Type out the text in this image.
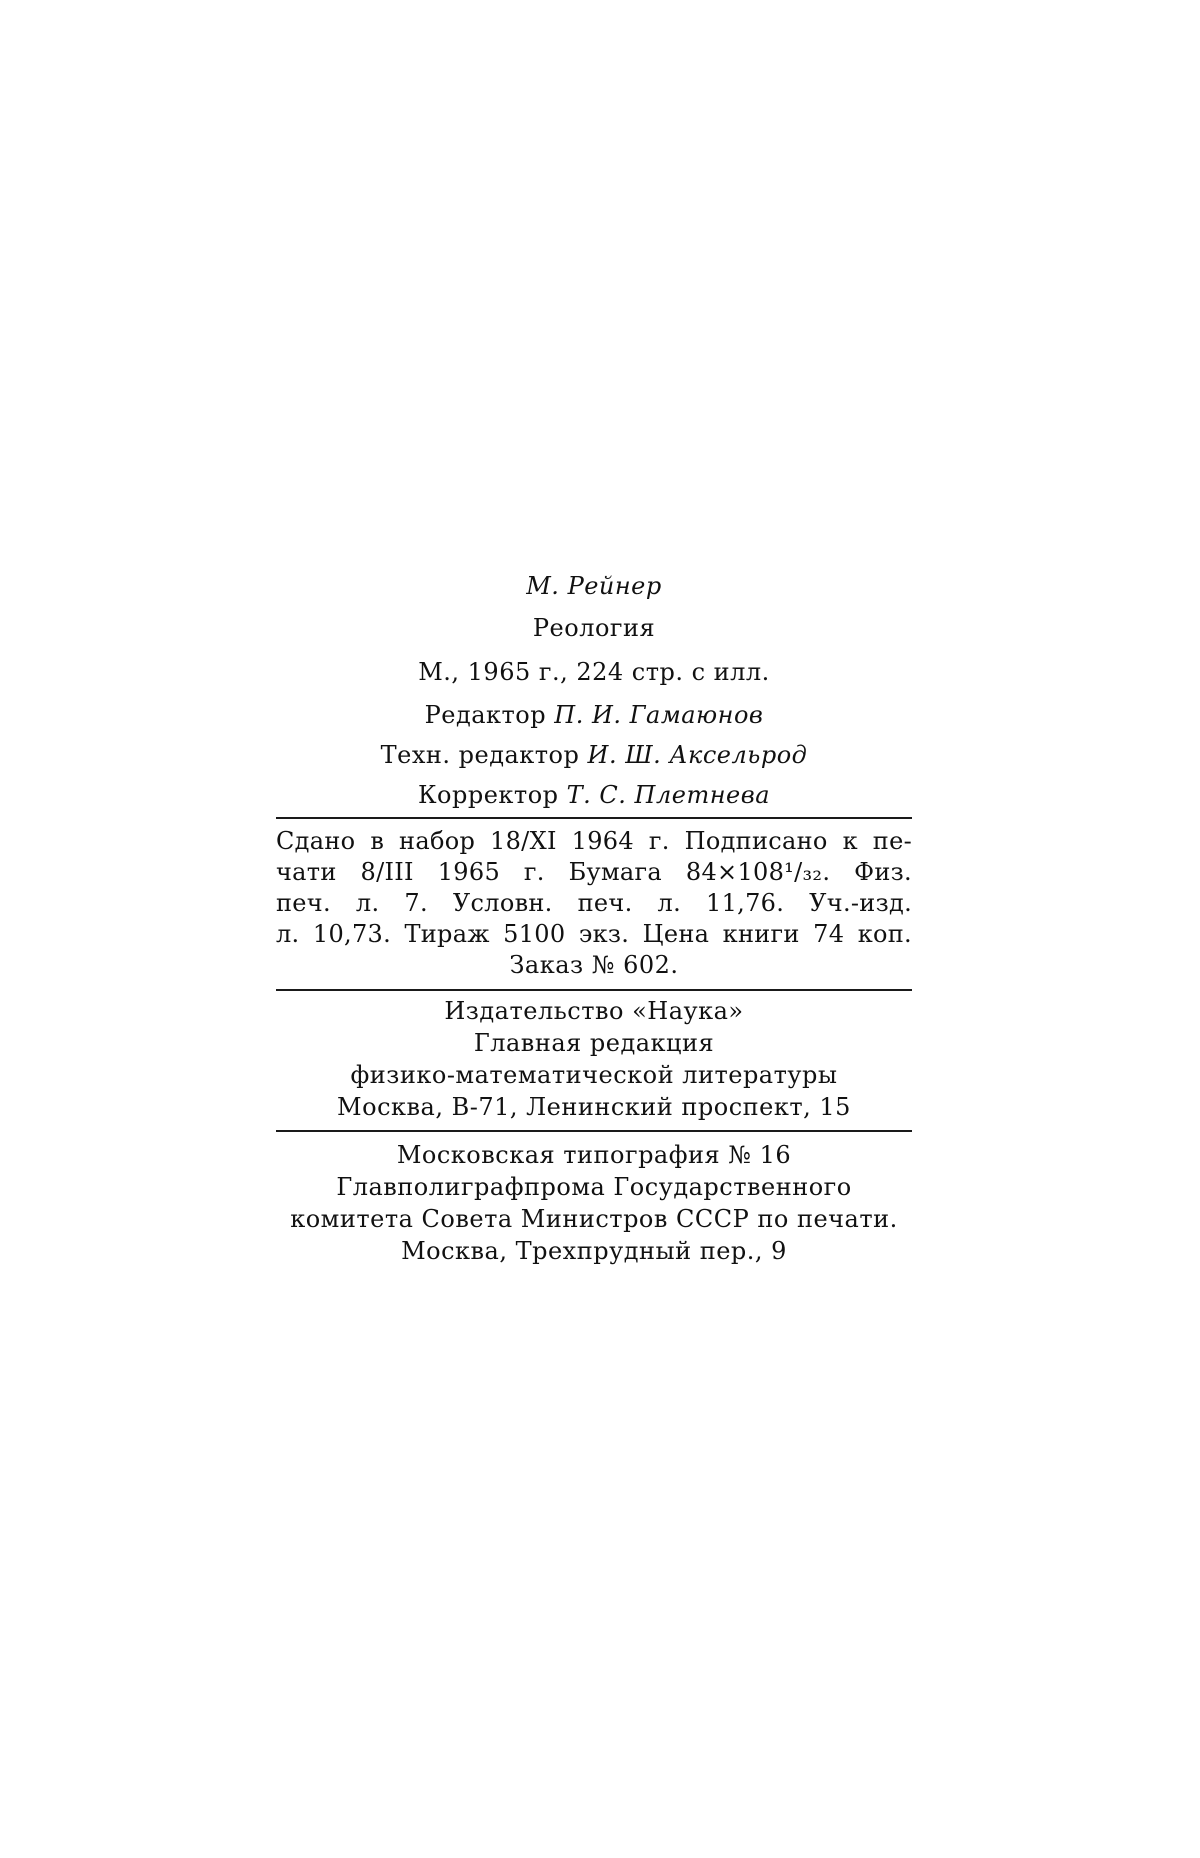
М. Рейнер
Реология
М., 1965 г., 224 стр. с илл.
Редактор П. И. Гамаюнов
Техн. редактор И. Ш. Аксельрод
Корректор Т. С. Плетнева
Сдано в набор 18/XI 1964 г. Подписано к пе-
чати 8/III 1965 г. Бумага 84×108¹/₃₂. Физ.
печ. л. 7. Условн. печ. л. 11,76. Уч.-изд.
л. 10,73. Тираж 5100 экз. Цена книги 74 коп.
Заказ № 602.
Издательство «Наука»
Главная редакция
физико-математической литературы
Москва, В-71, Ленинский проспект, 15
Московская типография № 16
Главполиграфпрома Государственного
комитета Совета Министров СССР по печати.
Москва, Трехпрудный пер., 9
